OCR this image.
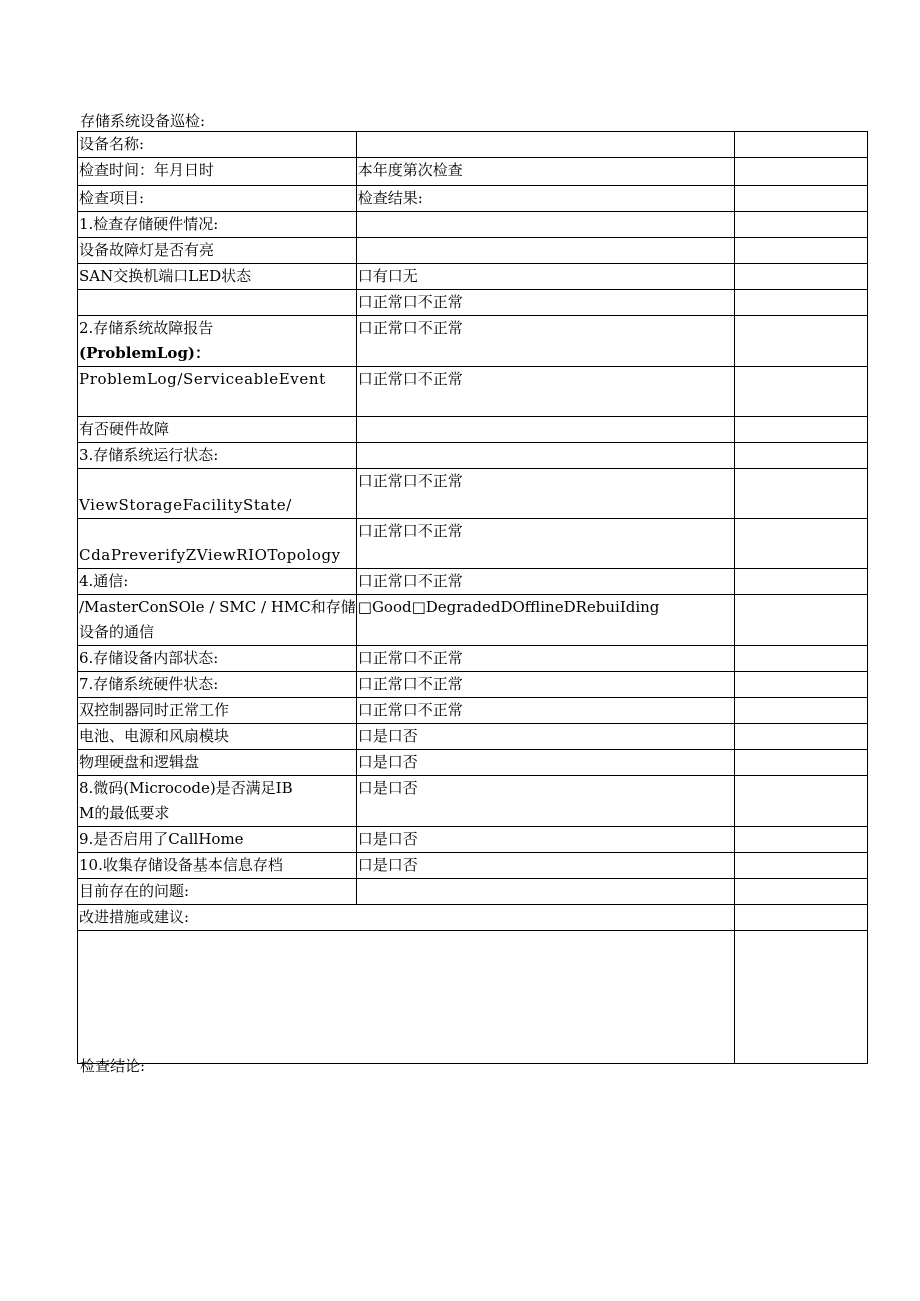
存储系统设备巡检:
设备名称:		
检查时间：年月日时	本年度第次检查	
检查项目:	检查结果:	
1.检查存储硬件情况:		
设备故障灯是否有亮		
SAN交换机端口LED状态	口有口无	
	口正常口不正常	

2.存储系统故障报告
(ProblemLog)：	口正常口不正常	
ProblemLog/ServiceableEvent	口正常口不正常	
有否硬件故障		
3.存储系统运行状态:		
ViewStorageFacilityState/	口正常口不正常	
CdaPreverifyZViewRIOTopology	口正常口不正常	
4.通信:	口正常口不正常	

/MasterConSOle / SMC / HMC和存储
设备的通信	□Good□DegradedDOfflineDRebuiIding	
6.存储设备内部状态:	口正常口不正常	
7.存储系统硬件状态:	口正常口不正常	
双控制器同时正常工作	口正常口不正常	
电池、电源和风扇模块	口是口否	
物理硬盘和逻辑盘	口是口否	

8.微码(Microcode)是否满足IB
M的最低要求	口是口否	
9.是否启用了CallHome	口是口否	
10.收集存储设备基本信息存档	口是口否	
目前存在的问题:		
改进措施或建议:		

检查结论:
